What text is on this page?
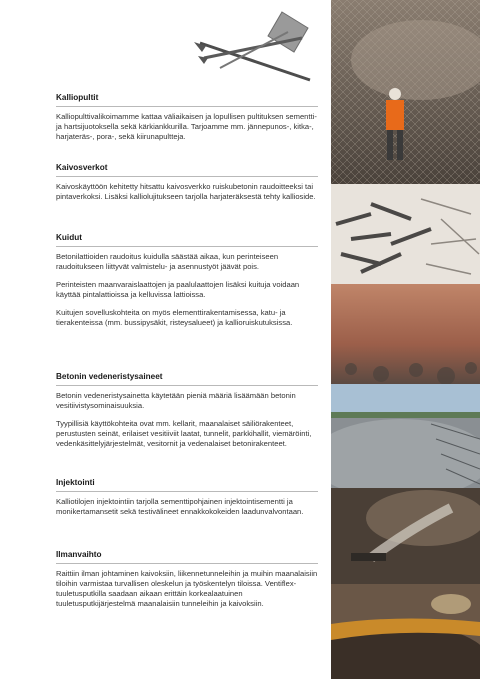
Kalliopultit

Kalliopulttivalikoimamme kattaa väliaikaisen ja lopullisen pultituksen sementti- ja hartsijuotoksella sekä kärkiankkurilla. Tarjoamme mm. jännepunos-, kitka-, harjateräs-, pora-, sekä kiirunapultteja.

Kaivosverkot

Kaivoskäyttöön kehitetty hitsattu kaivosverkko ruiskubetonin raudoitteeksi tai pintaverkoksi. Lisäksi kalliolujitukseen tarjolla harjateräksestä tehty kallioside.

Kuidut

Betonilattioiden raudoitus kuidulla säästää aikaa, kun perinteiseen raudoitukseen liittyvät valmistelu- ja asennustyöt jäävät pois.

Perinteisten maanvaraislaattojen ja paalulaattojen lisäksi kuituja voidaan käyttää pintalattioissa ja kelluvissa lattioissa.

Kuitujen sovelluskohteita on myös elementtirakentamisessa, katu- ja tierakenteissa (mm. bussipysäkit, risteysalueet) ja kallioruiskutuksissa.

Betonin vedeneristysaineet

Betonin vedeneristysainetta käytetään pieniä määriä lisäämään betonin vesitiivistysominaisuuksia.

Tyypillisiä käyttökohteita ovat mm. kellarit, maanalaiset säiliörakenteet, perustusten seinät, erilaiset vesitiiviit laatat, tunnelit, parkkihallit, viemäröinti, vedenkäsittelyjärjestelmät, vesitornit ja vedenalaiset betonirakenteet.

Injektointi

Kalliotilojen injektointiin tarjolla sementtipohjainen injektointisementti ja monikertamansetit sekä testivälineet ennakkokokeiden laadunvalvontaan.

Ilmanvaihto

Raittiin ilman johtaminen kaivoksiin, liikennetunneleihin ja muihin maanalaisiin tiloihin varmistaa turvallisen oleskelun ja työskentelyn tiloissa. Ventiflex-tuuletusputkilla saadaan aikaan erittäin korkealaatuinen tuuletusputkijärjestelmä maanalaisiin tunneleihin ja kaivoksiin.
